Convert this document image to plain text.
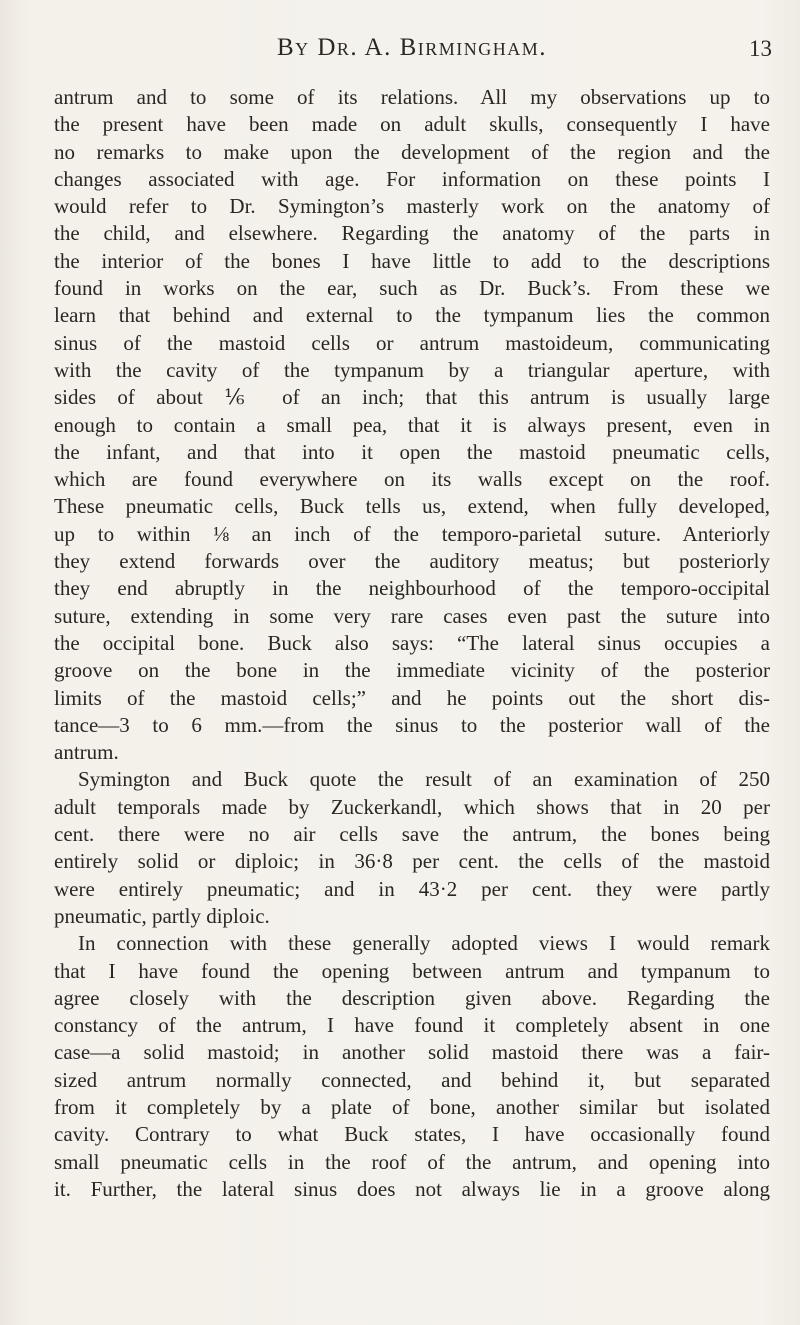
By Dr. A. Birmingham.	13
antrum and to some of its relations. All my observations up to
the present have been made on adult skulls, consequently I have
no remarks to make upon the development of the region and the
changes associated with age. For information on these points I
would refer to Dr. Symington’s masterly work on the anatomy of
the child, and elsewhere. Regarding the anatomy of the parts in
the interior of the bones I have little to add to the descriptions
found in works on the ear, such as Dr. Buck’s. From these we
learn that behind and external to the tympanum lies the common
sinus of the mastoid cells or antrum mastoideum, communicating
with the cavity of the tympanum by a triangular aperture, with
sides of about ⅙ of an inch; that this antrum is usually large
enough to contain a small pea, that it is always present, even in
the infant, and that into it open the mastoid pneumatic cells,
which are found everywhere on its walls except on the roof.
These pneumatic cells, Buck tells us, extend, when fully developed,
up to within ⅛ an inch of the temporo-parietal suture. Anteriorly
they extend forwards over the auditory meatus; but posteriorly
they end abruptly in the neighbourhood of the temporo-occipital
suture, extending in some very rare cases even past the suture into
the occipital bone. Buck also says: “The lateral sinus occupies a
groove on the bone in the immediate vicinity of the posterior
limits of the mastoid cells;” and he points out the short dis-
tance—3 to 6 mm.—from the sinus to the posterior wall of the
antrum.
Symington and Buck quote the result of an examination of 250
adult temporals made by Zuckerkandl, which shows that in 20 per
cent. there were no air cells save the antrum, the bones being
entirely solid or diploic; in 36·8 per cent. the cells of the mastoid
were entirely pneumatic; and in 43·2 per cent. they were partly
pneumatic, partly diploic.
In connection with these generally adopted views I would remark
that I have found the opening between antrum and tympanum to
agree closely with the description given above. Regarding the
constancy of the antrum, I have found it completely absent in one
case—a solid mastoid; in another solid mastoid there was a fair-
sized antrum normally connected, and behind it, but separated
from it completely by a plate of bone, another similar but isolated
cavity. Contrary to what Buck states, I have occasionally found
small pneumatic cells in the roof of the antrum, and opening into
it. Further, the lateral sinus does not always lie in a groove along
